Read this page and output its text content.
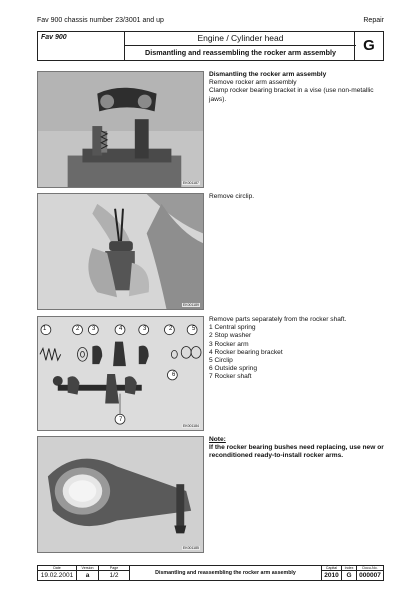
Fav 900 chassis number 23/3001 and up	Repair
Fav 900	Engine / Cylinder head
Dismantling and reassembling the rocker arm assembly	G
EK001187
Dismantling the rocker arm assembly
Remove rocker arm assembly
Clamp rocker bearing bracket in a vise (use non-metallic jaws).
EK001189
Remove circlip.
1	2 3	4	3	2	5
6
7
EK001184
Remove parts separately from the rocker shaft.
1 Central spring
2 Stop washer
3 Rocker arm
4 Rocker bearing bracket
5 Circlip
6 Outside spring
7 Rocker shaft
EK001185
Note:
If the rocker bearing bushes need replacing, use new or reconditioned ready-to-install rocker arms.
Date
19.02.2001
Version
a
Page
1/2	Dismantling and reassembling the rocker arm assembly
Capital
2010
Index
G
Docu-No.
000007
